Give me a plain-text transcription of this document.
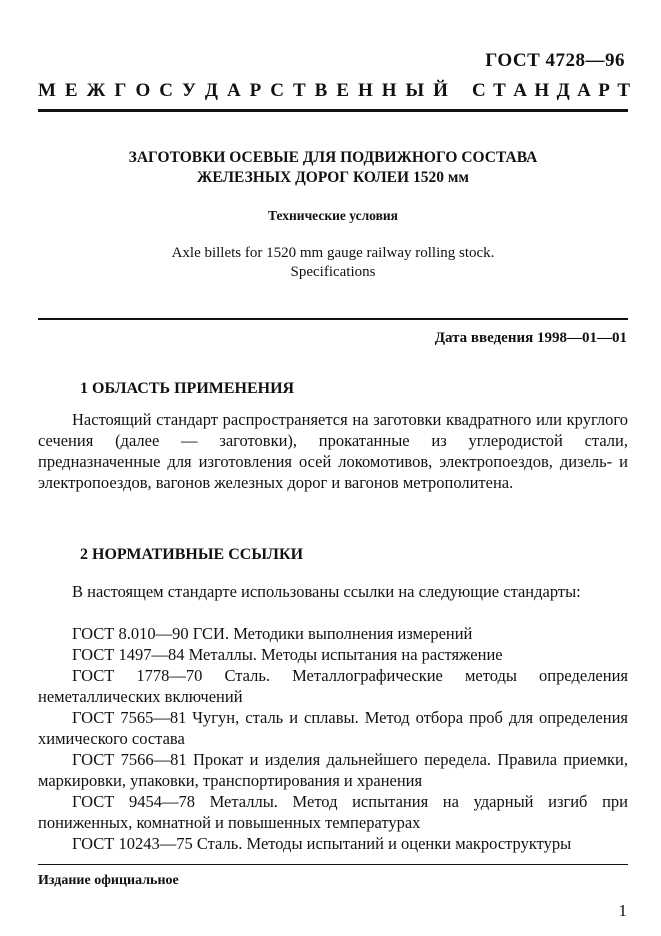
ГОСТ 4728—96
М Е Ж Г О С У Д А Р С Т В Е Н Н Ы Й С Т А Н Д А Р Т
ЗАГОТОВКИ ОСЕВЫЕ ДЛЯ ПОДВИЖНОГО СОСТАВА
ЖЕЛЕЗНЫХ ДОРОГ КОЛЕИ 1520 мм
Технические условия
Axle billets for 1520 mm gauge railway rolling stock.
Specifications
Дата введения 1998—01—01
1 ОБЛАСТЬ ПРИМЕНЕНИЯ
Настоящий стандарт распространяется на заготовки квадратного или круглого сечения (далее — заготовки), прокатанные из углеродистой стали, предназначенные для изготовления осей локомотивов, электропоездов, дизель- и электропоездов, вагонов железных дорог и вагонов метрополитена.
2 НОРМАТИВНЫЕ ССЫЛКИ
В настоящем стандарте использованы ссылки на следующие стандарты:
ГОСТ 8.010—90 ГСИ. Методики выполнения измерений
ГОСТ 1497—84 Металлы. Методы испытания на растяжение
ГОСТ 1778—70 Сталь. Металлографические методы определения неметаллических включений
ГОСТ 7565—81 Чугун, сталь и сплавы. Метод отбора проб для определения химического состава
ГОСТ 7566—81 Прокат и изделия дальнейшего передела. Правила приемки, маркировки, упаковки, транспортирования и хранения
ГОСТ 9454—78 Металлы. Метод испытания на ударный изгиб при пониженных, комнатной и повышенных температурах
ГОСТ 10243—75 Сталь. Методы испытаний и оценки макроструктуры
Издание официальное
1
